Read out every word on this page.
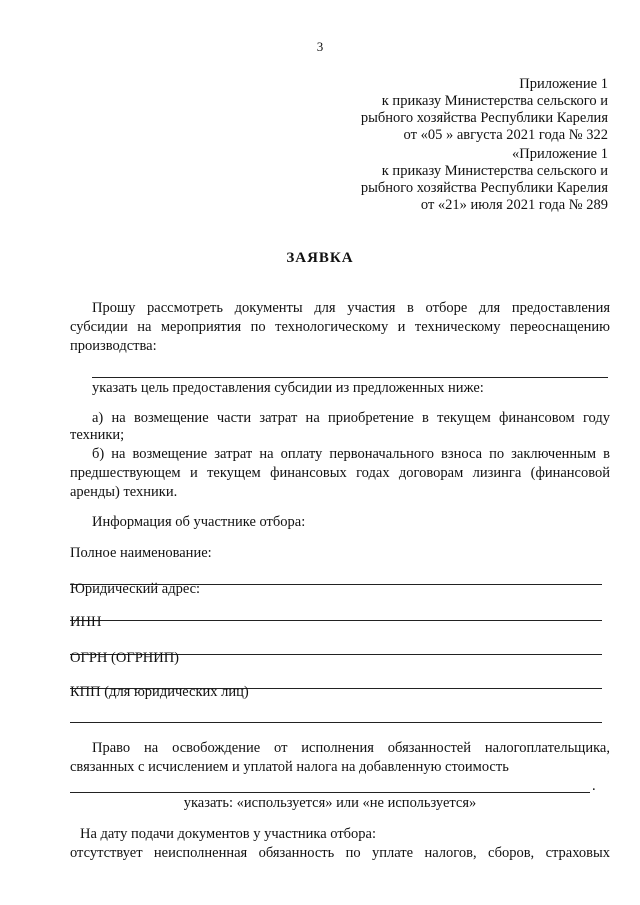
3
Приложение 1
к приказу Министерства сельского и
рыбного хозяйства Республики Карелия
от «05 » августа 2021 года № 322
«Приложение 1
к приказу Министерства сельского и
рыбного хозяйства Республики Карелия
от «21» июля 2021 года № 289
ЗАЯВКА
Прошу рассмотреть документы для участия в отборе для предоставления
субсидии на мероприятия по технологическому и техническому переоснащению
производства:
указать цель предоставления субсидии из предложенных ниже:
а) на возмещение части затрат на приобретение в текущем финансовом году
техники;
б) на возмещение затрат на оплату первоначального взноса по заключенным в
предшествующем и текущем финансовых годах договорам лизинга (финансовой
аренды) техники.
Информация об участнике отбора:
Полное наименование:
Юридический адрес:
ИНН
ОГРН (ОГРНИП)
КПП (для юридических лиц)
Право на освобождение от исполнения обязанностей налогоплательщика,
связанных с исчислением и уплатой налога на добавленную стоимость
.
указать: «используется» или «не используется»
На дату подачи документов у участника отбора:
отсутствует неисполненная обязанность по уплате налогов, сборов, страховых
